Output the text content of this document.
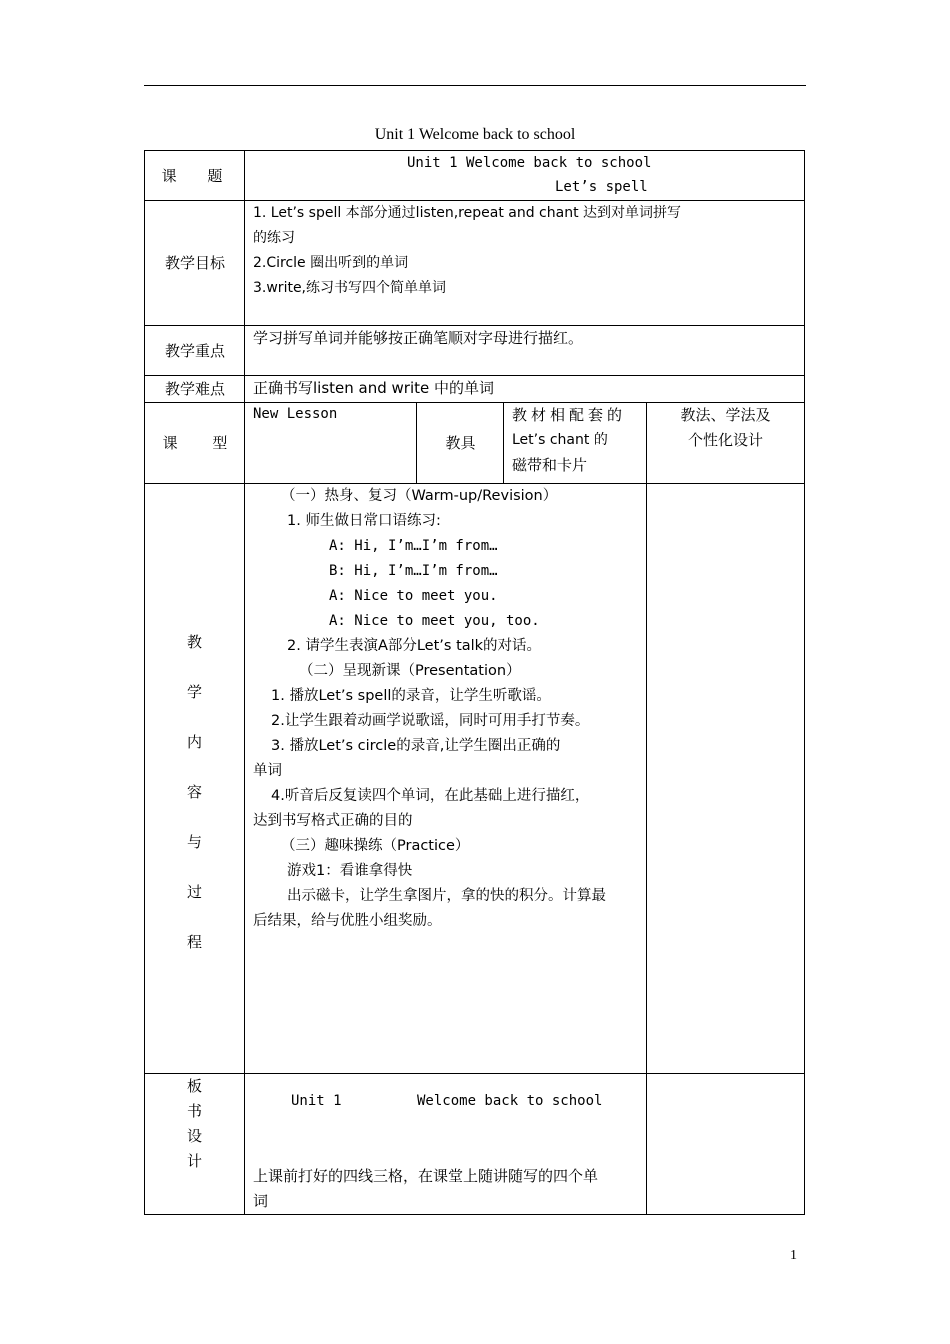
Unit 1 Welcome back to school
课 题
Unit 1 Welcome back to school
Let’s spell
教学目标
1. Let’s spell 本部分通过listen,repeat and chant 达到对单词拼写
的练习
2.Circle 圈出听到的单词
3.write,练习书写四个简单单词
教学重点
学习拼写单词并能够按正确笔顺对字母进行描红。
教学难点 正确书写listen and write 中的单词
课 型
New Lesson
教具
教材相配套的
Let’s chant 的
磁带和卡片
教法、学法及
个性化设计
教
学
内
容
与
过
程
（一）热身、复习（Warm-up/Revision）
1. 师生做日常口语练习:
A: Hi, I’m…I’m from…
B: Hi, I’m…I’m from…
A: Nice to meet you.
A: Nice to meet you, too.
2. 请学生表演A部分Let’s talk的对话。
（二）呈现新课（Presentation）
1. 播放Let’s spell的录音，让学生听歌谣。
2.让学生跟着动画学说歌谣，同时可用手打节奏。
3. 播放Let’s circle的录音,让学生圈出正确的
单词
4.听音后反复读四个单词，在此基础上进行描红，
达到书写格式正确的目的
（三）趣味操练（Practice）
游戏1：看谁拿得快
出示磁卡，让学生拿图片，拿的快的积分。计算最
后结果，给与优胜小组奖励。
板
书
设
计
Unit 1	Welcome back to school
上课前打好的四线三格，在课堂上随讲随写的四个单
词
1
